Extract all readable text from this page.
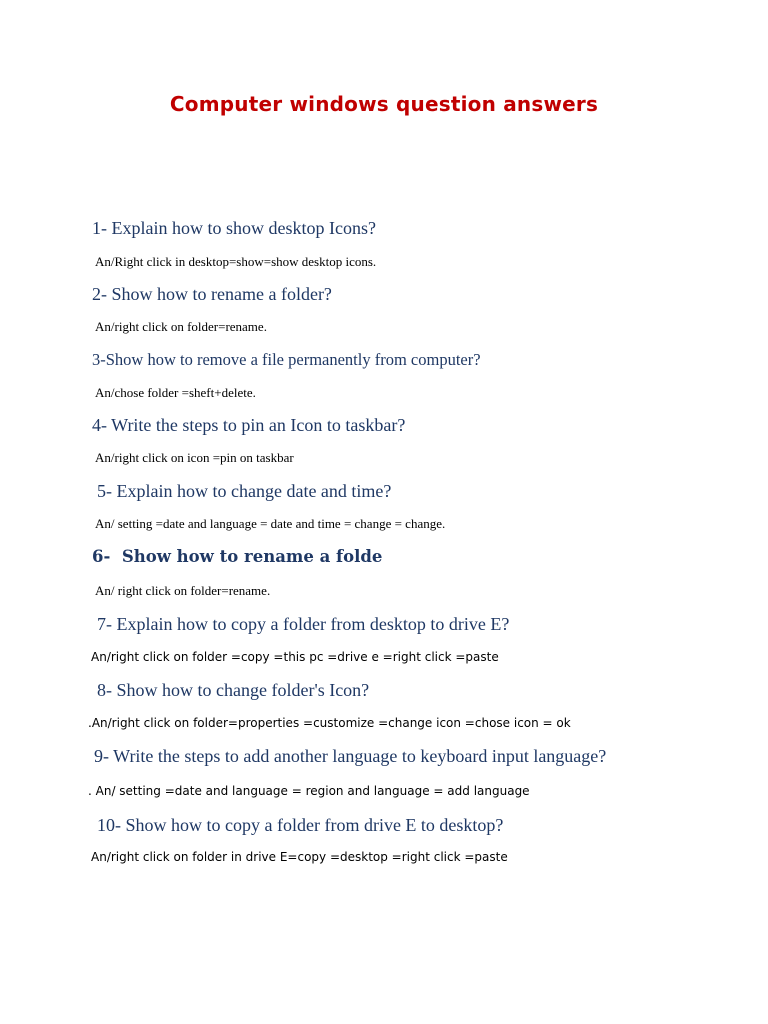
Computer windows question answers
1- Explain how to show desktop Icons?
An/Right click in desktop=show=show desktop icons.
2- Show how to rename a folder?
An/right click on folder=rename.
3-Show how to remove a file permanently from computer?
An/chose folder =sheft+delete.
4- Write the steps to pin an Icon to taskbar?
An/right click on icon =pin on taskbar
5- Explain how to change date and time?
An/ setting =date and language = date and time = change = change.
6-  Show how to rename a folde
An/ right click on folder=rename.
7- Explain how to copy a folder from desktop to drive E?
An/right click on folder =copy =this pc =drive e =right click =paste
8- Show how to change folder's Icon?
.An/right click on folder=properties =customize =change icon =chose icon = ok
9- Write the steps to add another language to keyboard input language?
. An/ setting =date and language = region and language = add language
10- Show how to copy a folder from drive E to desktop?
An/right click on folder in drive E=copy =desktop =right click =paste
